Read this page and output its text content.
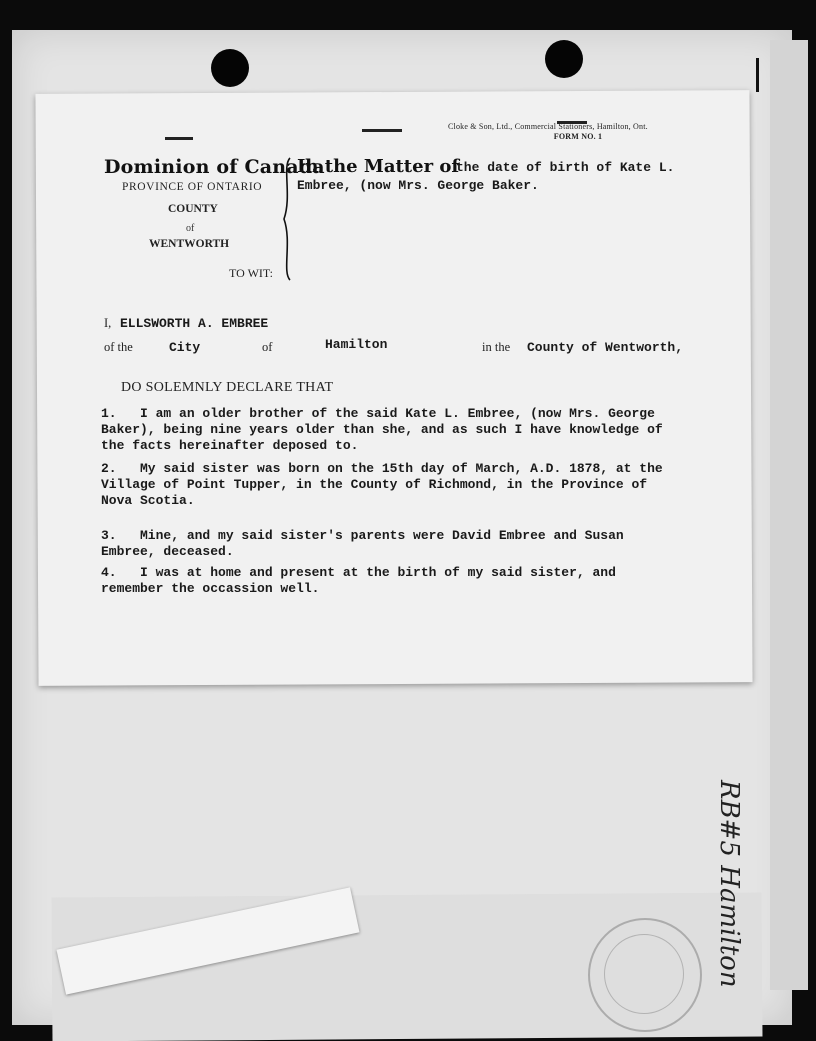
Cloke & Son, Ltd., Commercial Stationers, Hamilton, Ont.
FORM NO. 1
Dominion of Canada
PROVINCE OF ONTARIO
COUNTY
of
WENTWORTH
TO WIT:
In the Matter of
the date of birth of Kate L.
Embree, (now Mrs. George Baker.
I, ELLSWORTH A. EMBREE
of the	City	of	Hamilton	in the County of Wentworth,
DO SOLEMNLY DECLARE THAT
1.   I am an older brother of the said Kate L. Embree, (now Mrs. George
Baker), being nine years older than she, and as such I have knowledge of
the facts hereinafter deposed to.
2.   My said sister was born on the 15th day of March, A.D. 1878, at the
Village of Point Tupper, in the County of Richmond, in the Province of
Nova Scotia.
3.   Mine, and my said sister's parents were David Embree and Susan
Embree, deceased.
4.   I was at home and present at the birth of my said sister, and
remember the occassion well.
RB#5 Hamilton
